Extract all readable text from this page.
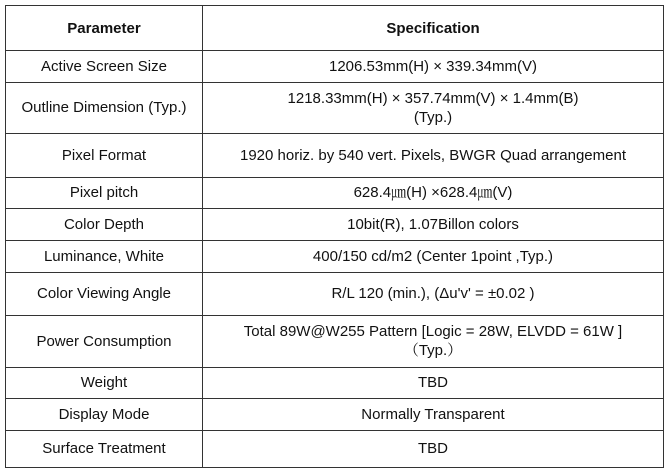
Parameter	Specification
Active Screen Size	1206.53mm(H) × 339.34mm(V)
Outline Dimension (Typ.)	1218.33mm(H) × 357.74mm(V) × 1.4mm(B)
(Typ.)
Pixel Format	1920 horiz. by 540 vert. Pixels, BWGR Quad arrangement
Pixel pitch	628.4㎛(H) ×628.4㎛(V)
Color Depth	10bit(R), 1.07Billon colors
Luminance, White	400/150 cd/m2 (Center 1point ,Typ.)
Color Viewing Angle	R/L 120 (min.), (Δu'v' = ±0.02 )
Power Consumption	Total 89W@W255 Pattern [Logic = 28W, ELVDD = 61W ]
（Typ.）
Weight	TBD
Display Mode	Normally Transparent
Surface Treatment	TBD
